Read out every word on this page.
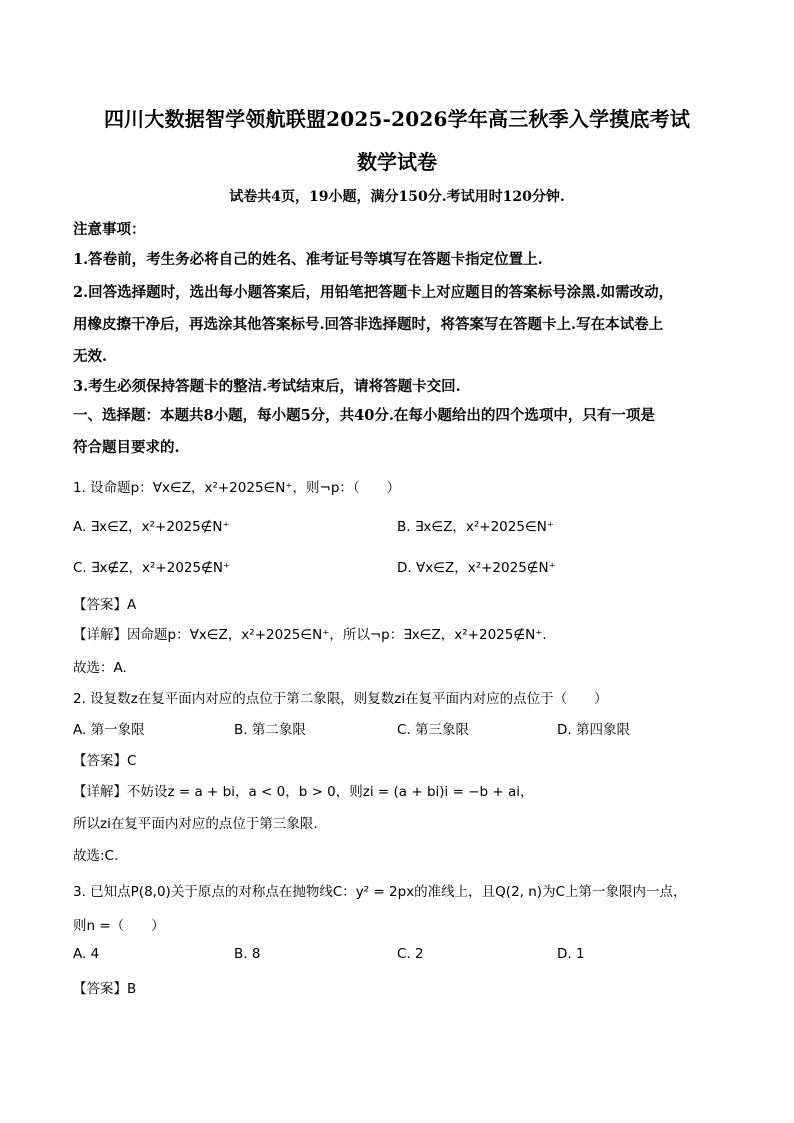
四川大数据智学领航联盟2025-2026学年高三秋季入学摸底考试
数学试卷
试卷共4页，19小题，满分150分.考试用时120分钟.
注意事项：
1.答卷前，考生务必将自己的姓名、准考证号等填写在答题卡指定位置上.
2.回答选择题时，选出每小题答案后，用铅笔把答题卡上对应题目的答案标号涂黑.如需改动，
用橡皮擦干净后，再选涂其他答案标号.回答非选择题时，将答案写在答题卡上.写在本试卷上
无效.
3.考生必须保持答题卡的整洁.考试结束后，请将答题卡交回.
一、选择题：本题共8小题，每小题5分，共40分.在每小题给出的四个选项中，只有一项是
符合题目要求的.
1. 设命题p：∀x∈Z，x²+2025∈N⁺，则¬p：（　　）
A. ∃x∈Z，x²+2025∉N⁺	B. ∃x∈Z，x²+2025∈N⁺
C. ∃x∉Z，x²+2025∉N⁺	D. ∀x∈Z，x²+2025∉N⁺
【答案】A
【详解】因命题p：∀x∈Z，x²+2025∈N⁺，所以¬p：∃x∈Z，x²+2025∉N⁺.
故选：A.
2. 设复数z在复平面内对应的点位于第二象限，则复数zi在复平面内对应的点位于（　　）
A. 第一象限	B. 第二象限	C. 第三象限	D. 第四象限
【答案】C
【详解】不妨设z = a + bi，a < 0，b > 0，则zi = (a + bi)i = −b + ai，
所以zi在复平面内对应的点位于第三象限.
故选:C.
3. 已知点P(8,0)关于原点的对称点在抛物线C：y² = 2px的准线上，且Q(2, n)为C上第一象限内一点，
则n =（　　）
A. 4	B. 8	C. 2	D. 1
【答案】B
